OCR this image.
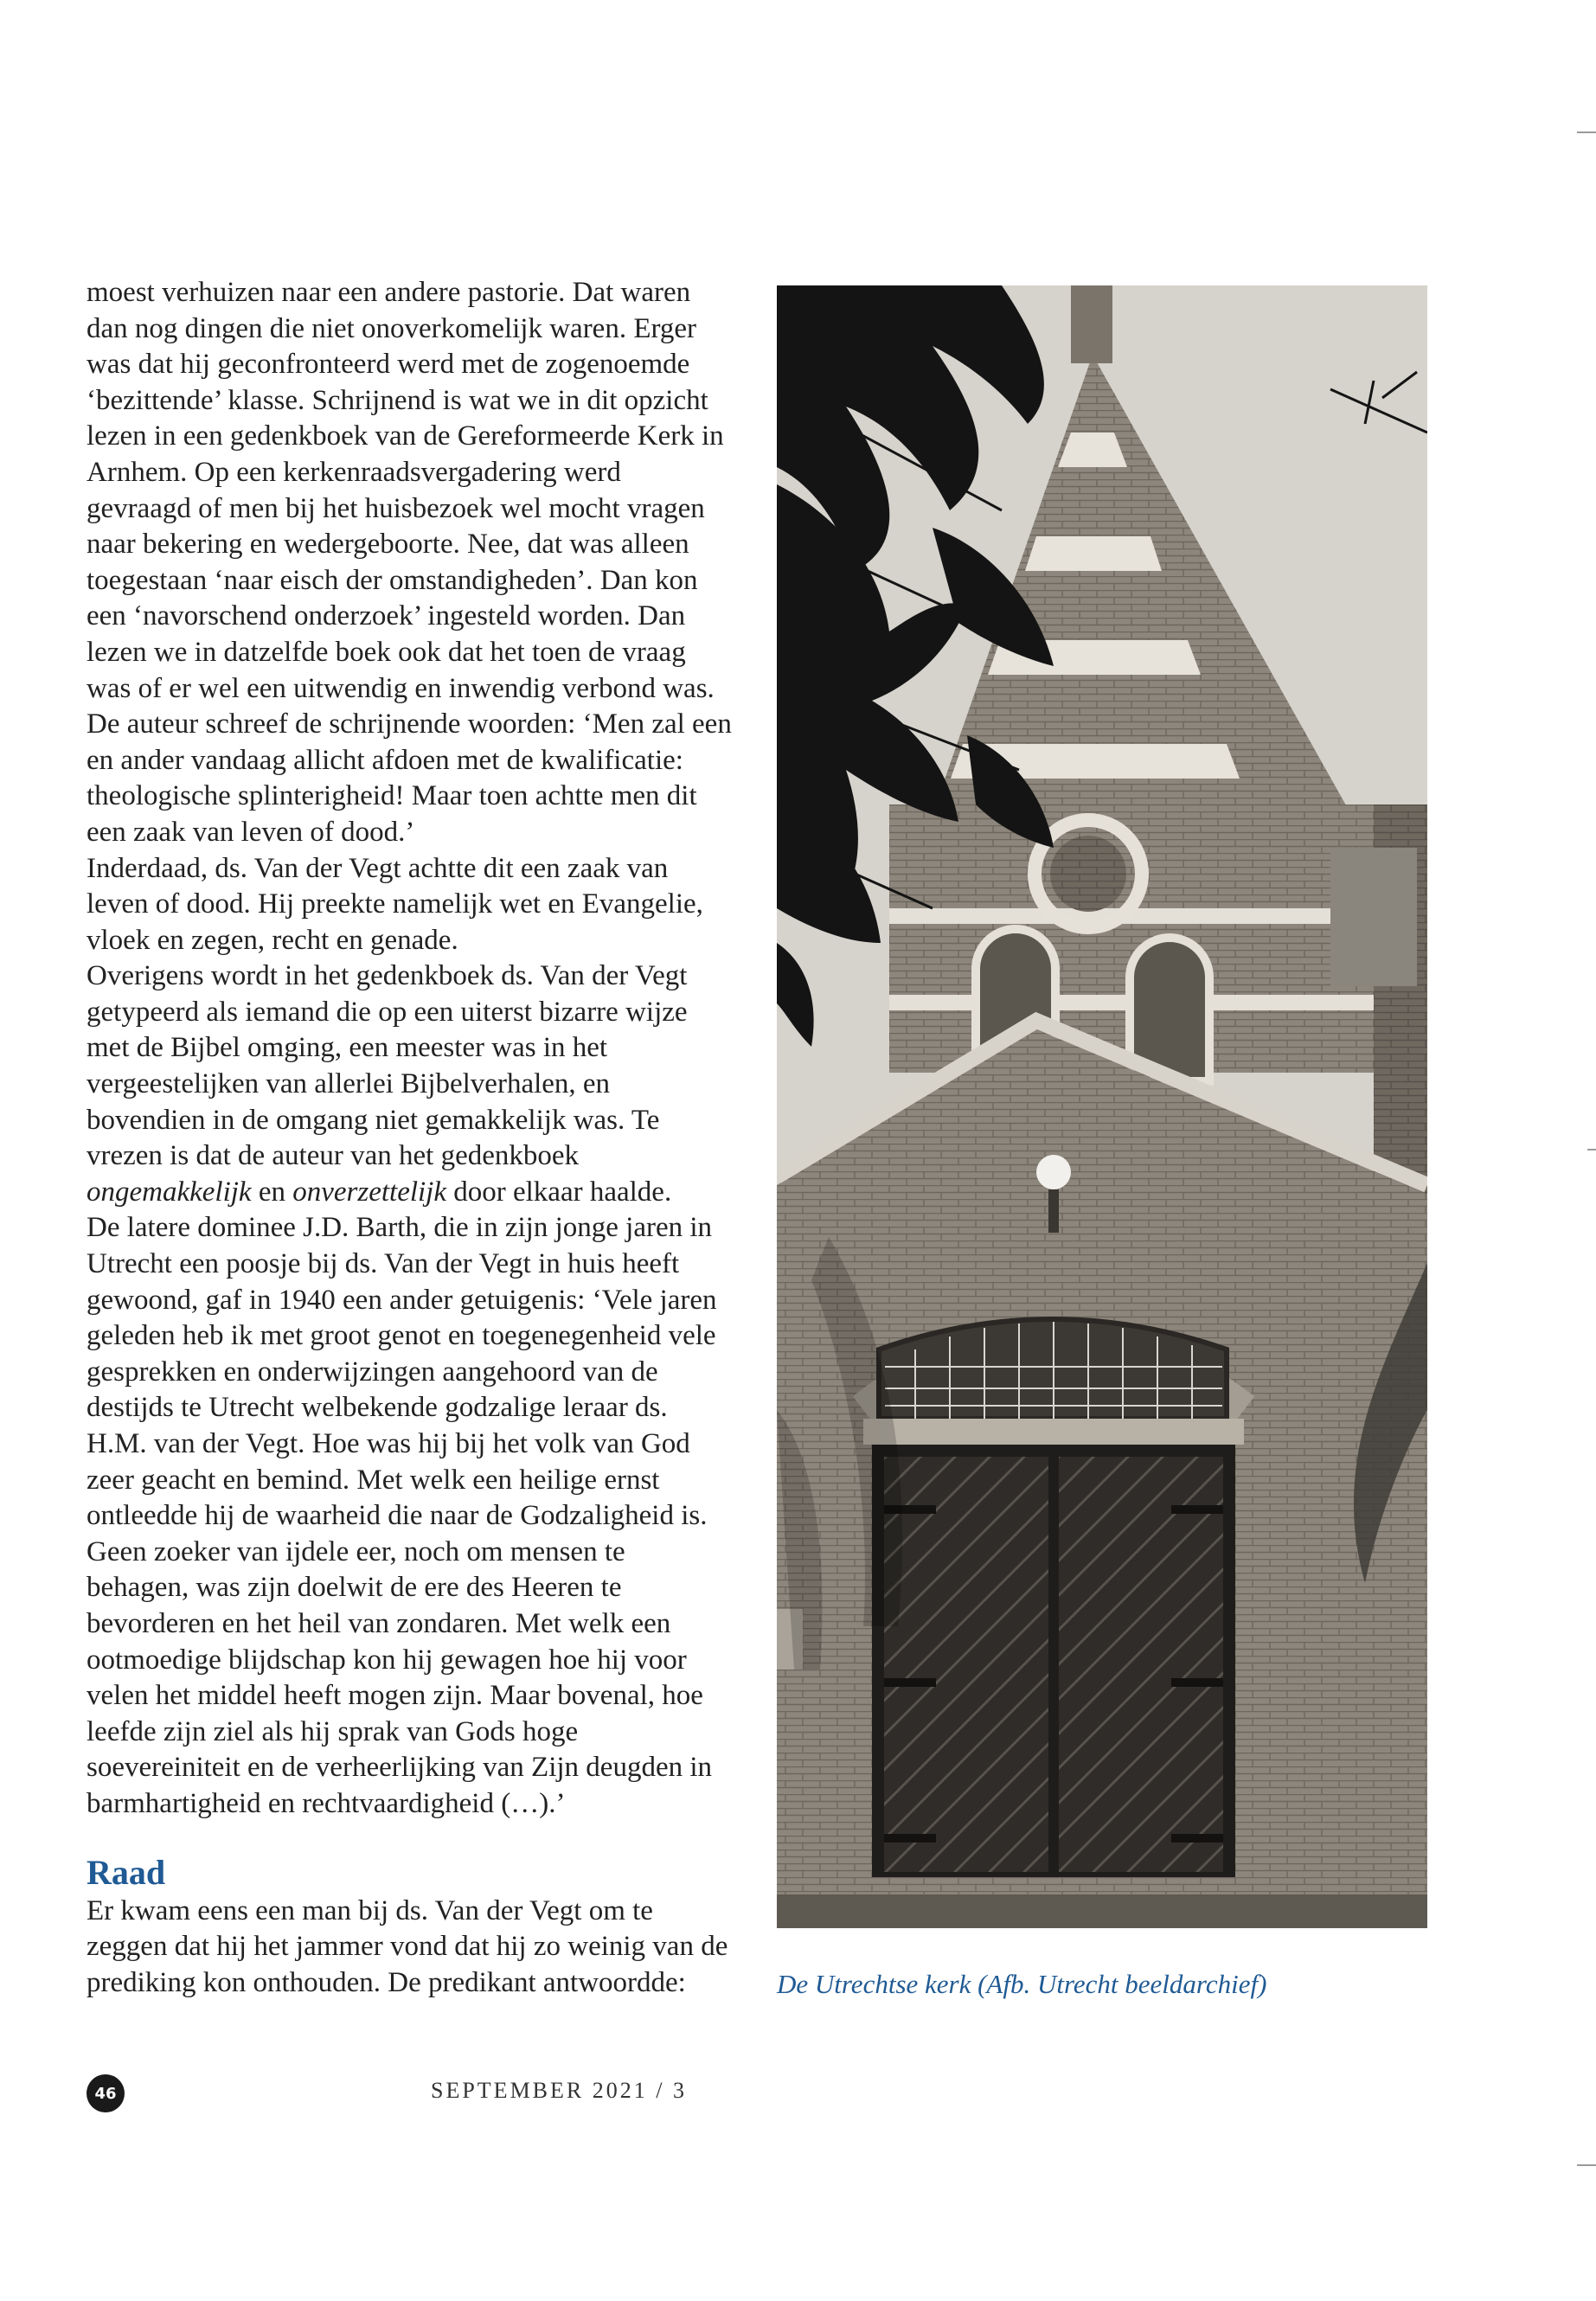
moest verhuizen naar een andere pastorie. Dat waren dan nog dingen die niet onoverkomelijk waren. Erger was dat hij geconfronteerd werd met de zogenoemde ‘bezittende’ klasse. Schrijnend is wat we in dit opzicht lezen in een gedenkboek van de Gereformeerde Kerk in Arnhem. Op een kerkenraadsvergadering werd gevraagd of men bij het huisbezoek wel mocht vragen naar bekering en wedergeboorte. Nee, dat was alleen toegestaan ‘naar eisch der omstandigheden’. Dan kon een ‘navorschend onderzoek’ ingesteld worden. Dan lezen we in datzelfde boek ook dat het toen de vraag was of er wel een uitwendig en inwendig verbond was. De auteur schreef de schrijnende woorden: ‘Men zal een en ander vandaag allicht afdoen met de kwalificatie: theologische splinterigheid! Maar toen achtte men dit een zaak van leven of dood.’

Inderdaad, ds. Van der Vegt achtte dit een zaak van leven of dood. Hij preekte namelijk wet en Evangelie, vloek en zegen, recht en genade.

Overigens wordt in het gedenkboek ds. Van der Vegt getypeerd als iemand die op een uiterst bizarre wijze met de Bijbel omging, een meester was in het vergeestelijken van allerlei Bijbelverhalen, en bovendien in de omgang niet gemakkelijk was. Te vrezen is dat de auteur van het gedenkboek ongemakkelijk en onverzettelijk door elkaar haalde.

De latere dominee J.D. Barth, die in zijn jonge jaren in Utrecht een poosje bij ds. Van der Vegt in huis heeft gewoond, gaf in 1940 een ander getuigenis: ‘Vele jaren geleden heb ik met groot genot en toegenegenheid vele gesprekken en onderwijzingen aangehoord van de destijds te Utrecht welbekende godzalige leraar ds. H.M. van der Vegt. Hoe was hij bij het volk van God zeer geacht en bemind. Met welk een heilige ernst ontleedde hij de waarheid die naar de Godzaligheid is. Geen zoeker van ijdele eer, noch om mensen te behagen, was zijn doelwit de ere des Heeren te bevorderen en het heil van zondaren. Met welk een ootmoedige blijdschap kon hij gewagen hoe hij voor velen het middel heeft mogen zijn. Maar bovenal, hoe leefde zijn ziel als hij sprak van Gods hoge soevereiniteit en de verheerlijking van Zijn deugden in barmhartigheid en rechtvaardigheid (…).’

Raad

Er kwam eens een man bij ds. Van der Vegt om te zeggen dat hij het jammer vond dat hij zo weinig van de prediking kon onthouden. De predikant antwoordde:	De Utrechtse kerk (Afb. Utrecht beeldarchief)
46	SEPTEMBER 2021 / 3
